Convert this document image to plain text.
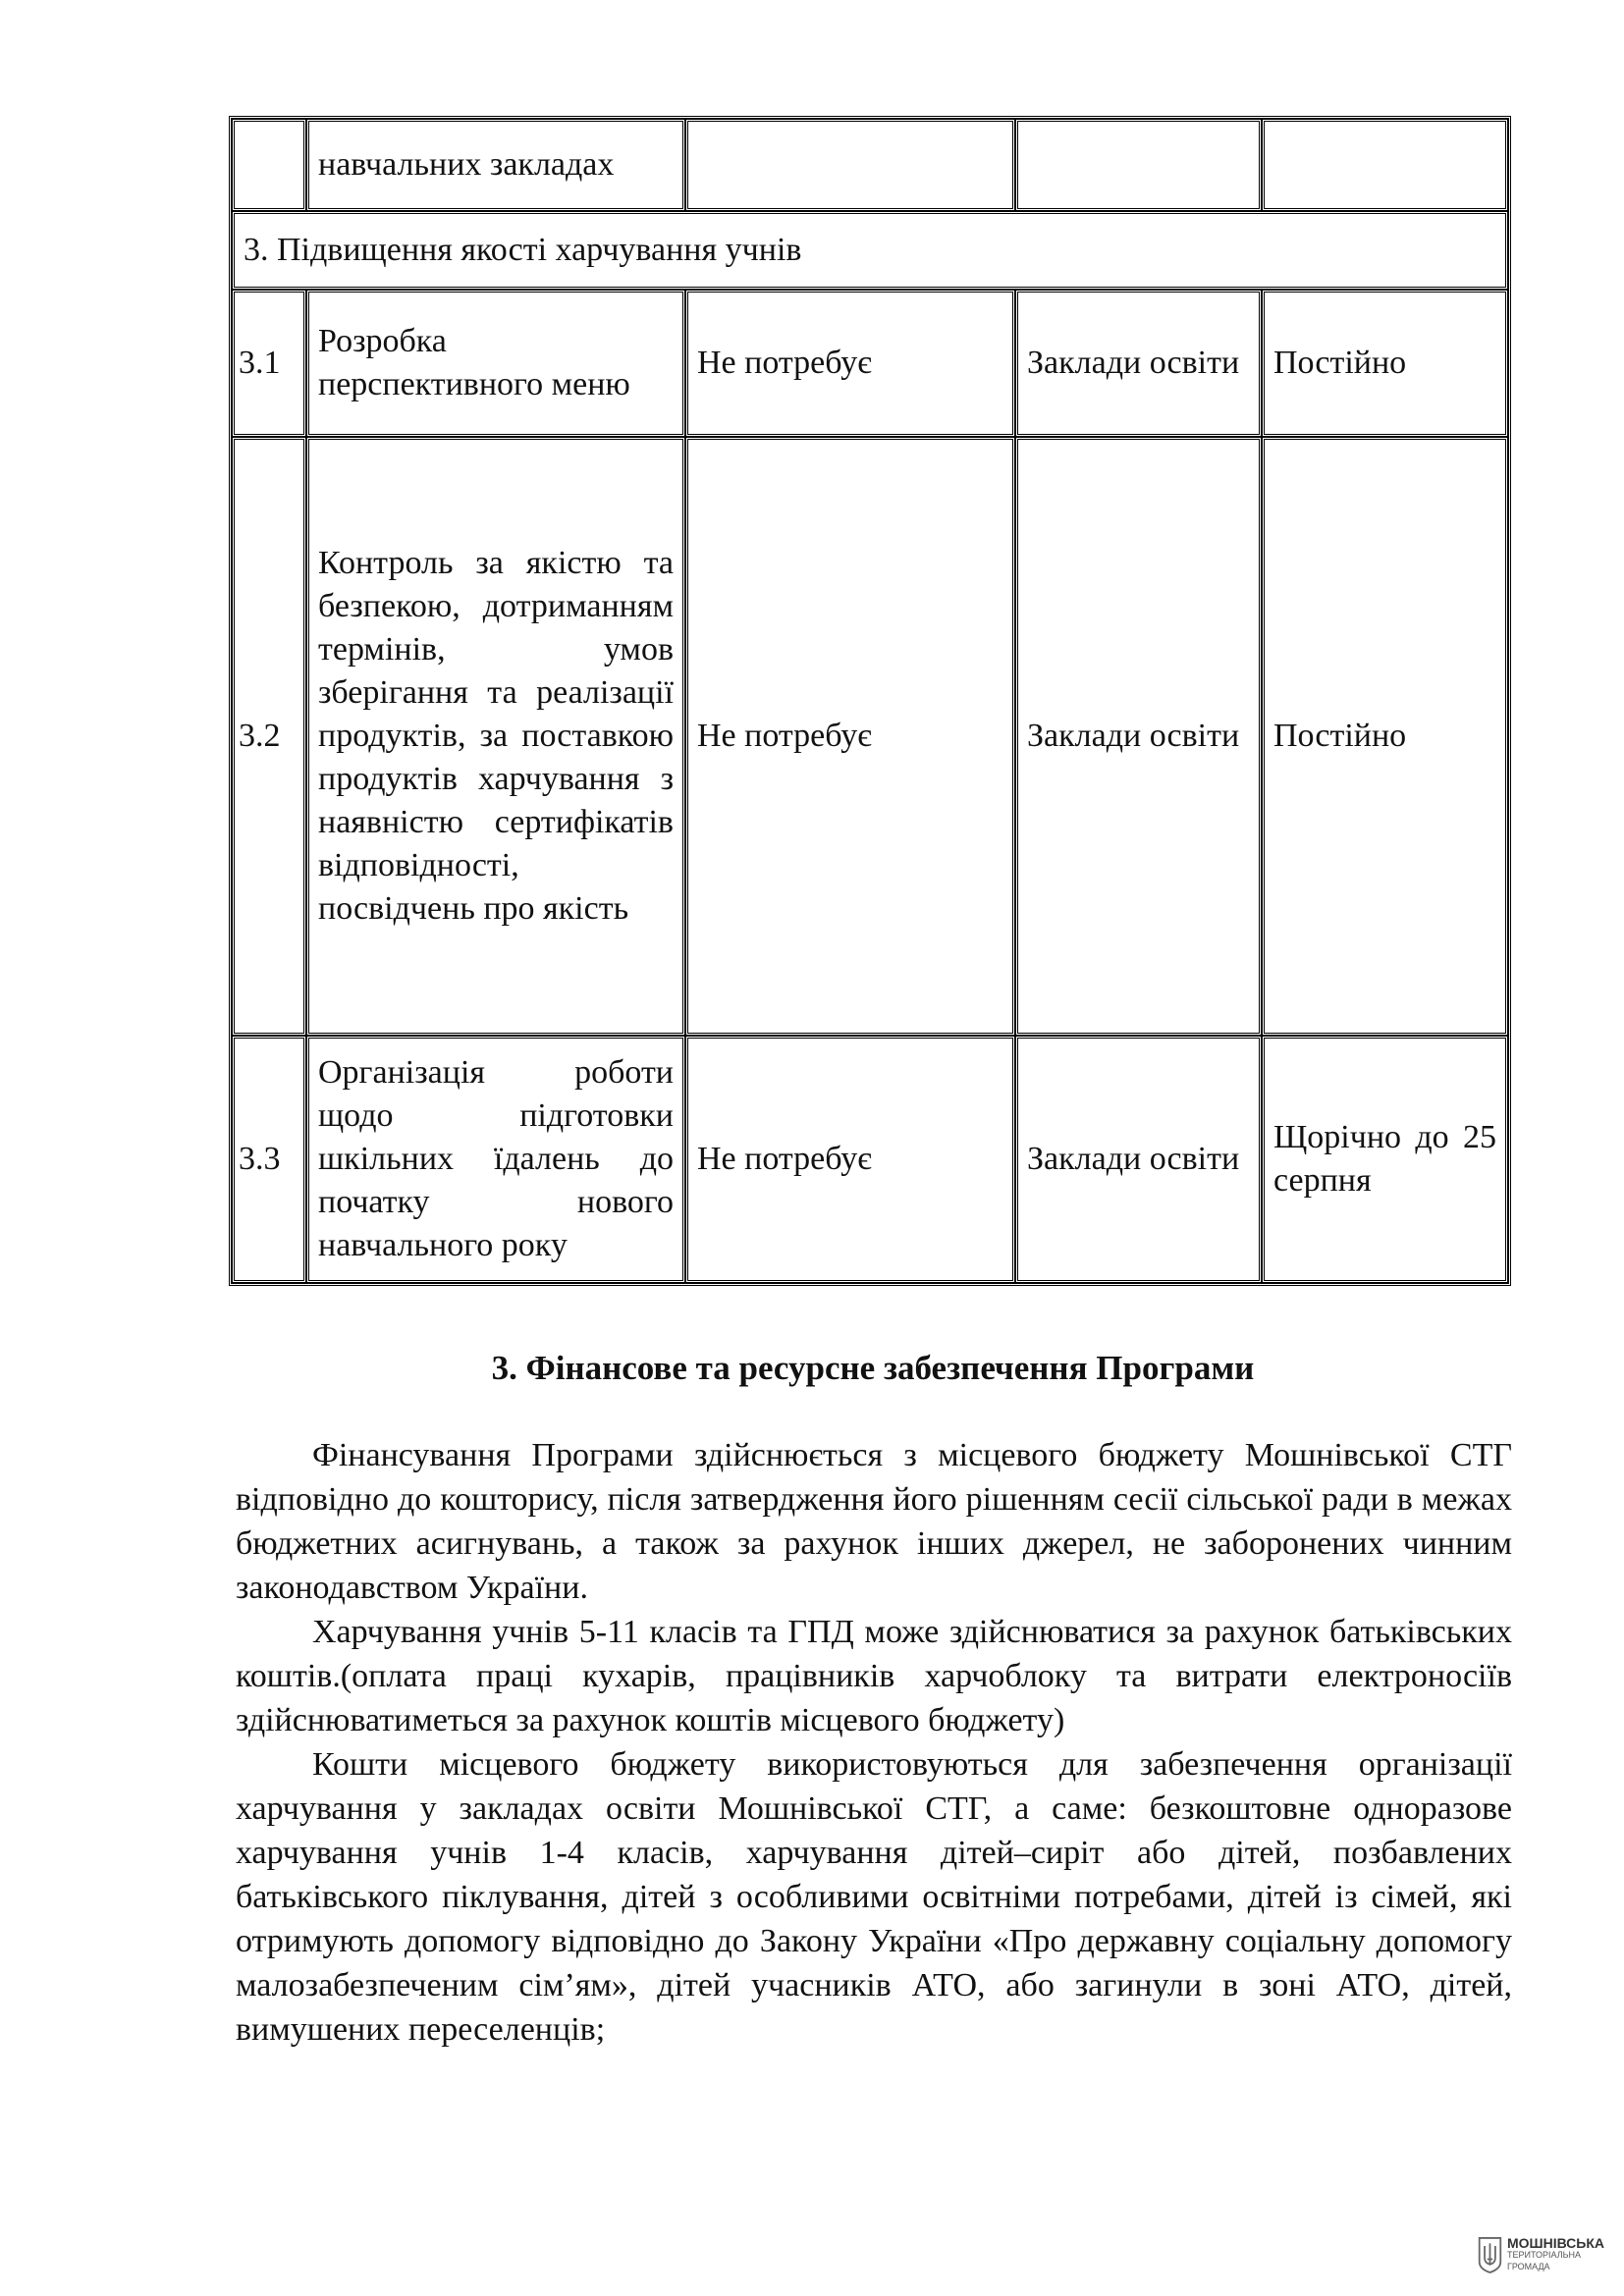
	навчальних закладах			
3. Підвищення якості харчування учнів				
3.1	Розробка перспективного меню	Не потребує	Заклади освіти	Постійно
3.2	Контроль за якістю та безпекою, дотриманням термінів, умов зберігання та реалізації продуктів, за поставкою продуктів харчування з наявністю сертифікатів відповідності, посвідчень про якість	Не потребує	Заклади освіти	Постійно
3.3	Організація роботи щодо підготовки шкільних їдалень до початку нового навчального року	Не потребує	Заклади освіти	Щорічно до 25 серпня
3. Фінансове та ресурсне забезпечення Програми

Фінансування Програми здійснюється з місцевого бюджету Мошнівської СТГ відповідно до кошторису, після затвердження його рішенням сесії сільської ради в межах бюджетних асигнувань, а також за рахунок інших джерел, не заборонених чинним законодавством України.

Харчування учнів 5-11 класів та ГПД може здійснюватися за рахунок батьківських коштів.(оплата праці кухарів, працівників харчоблоку та витрати електроносіїв здійснюватиметься за рахунок коштів місцевого бюджету)

Кошти місцевого бюджету використовуються для забезпечення організації харчування у закладах освіти Мошнівської СТГ, а саме: безкоштовне одноразове харчування учнів 1-4 класів, харчування дітей–сиріт або дітей, позбавлених батьківського піклування, дітей з особливими освітніми потребами, дітей із сімей, які отримують допомогу відповідно до Закону України «Про державну соціальну допомогу малозабезпеченим сім’ям», дітей учасників АТО, або загинули в зоні АТО, дітей, вимушених переселенців;

МОШНІВСЬКА
ТЕРИТОРІАЛЬНА
ГРОМАДА
